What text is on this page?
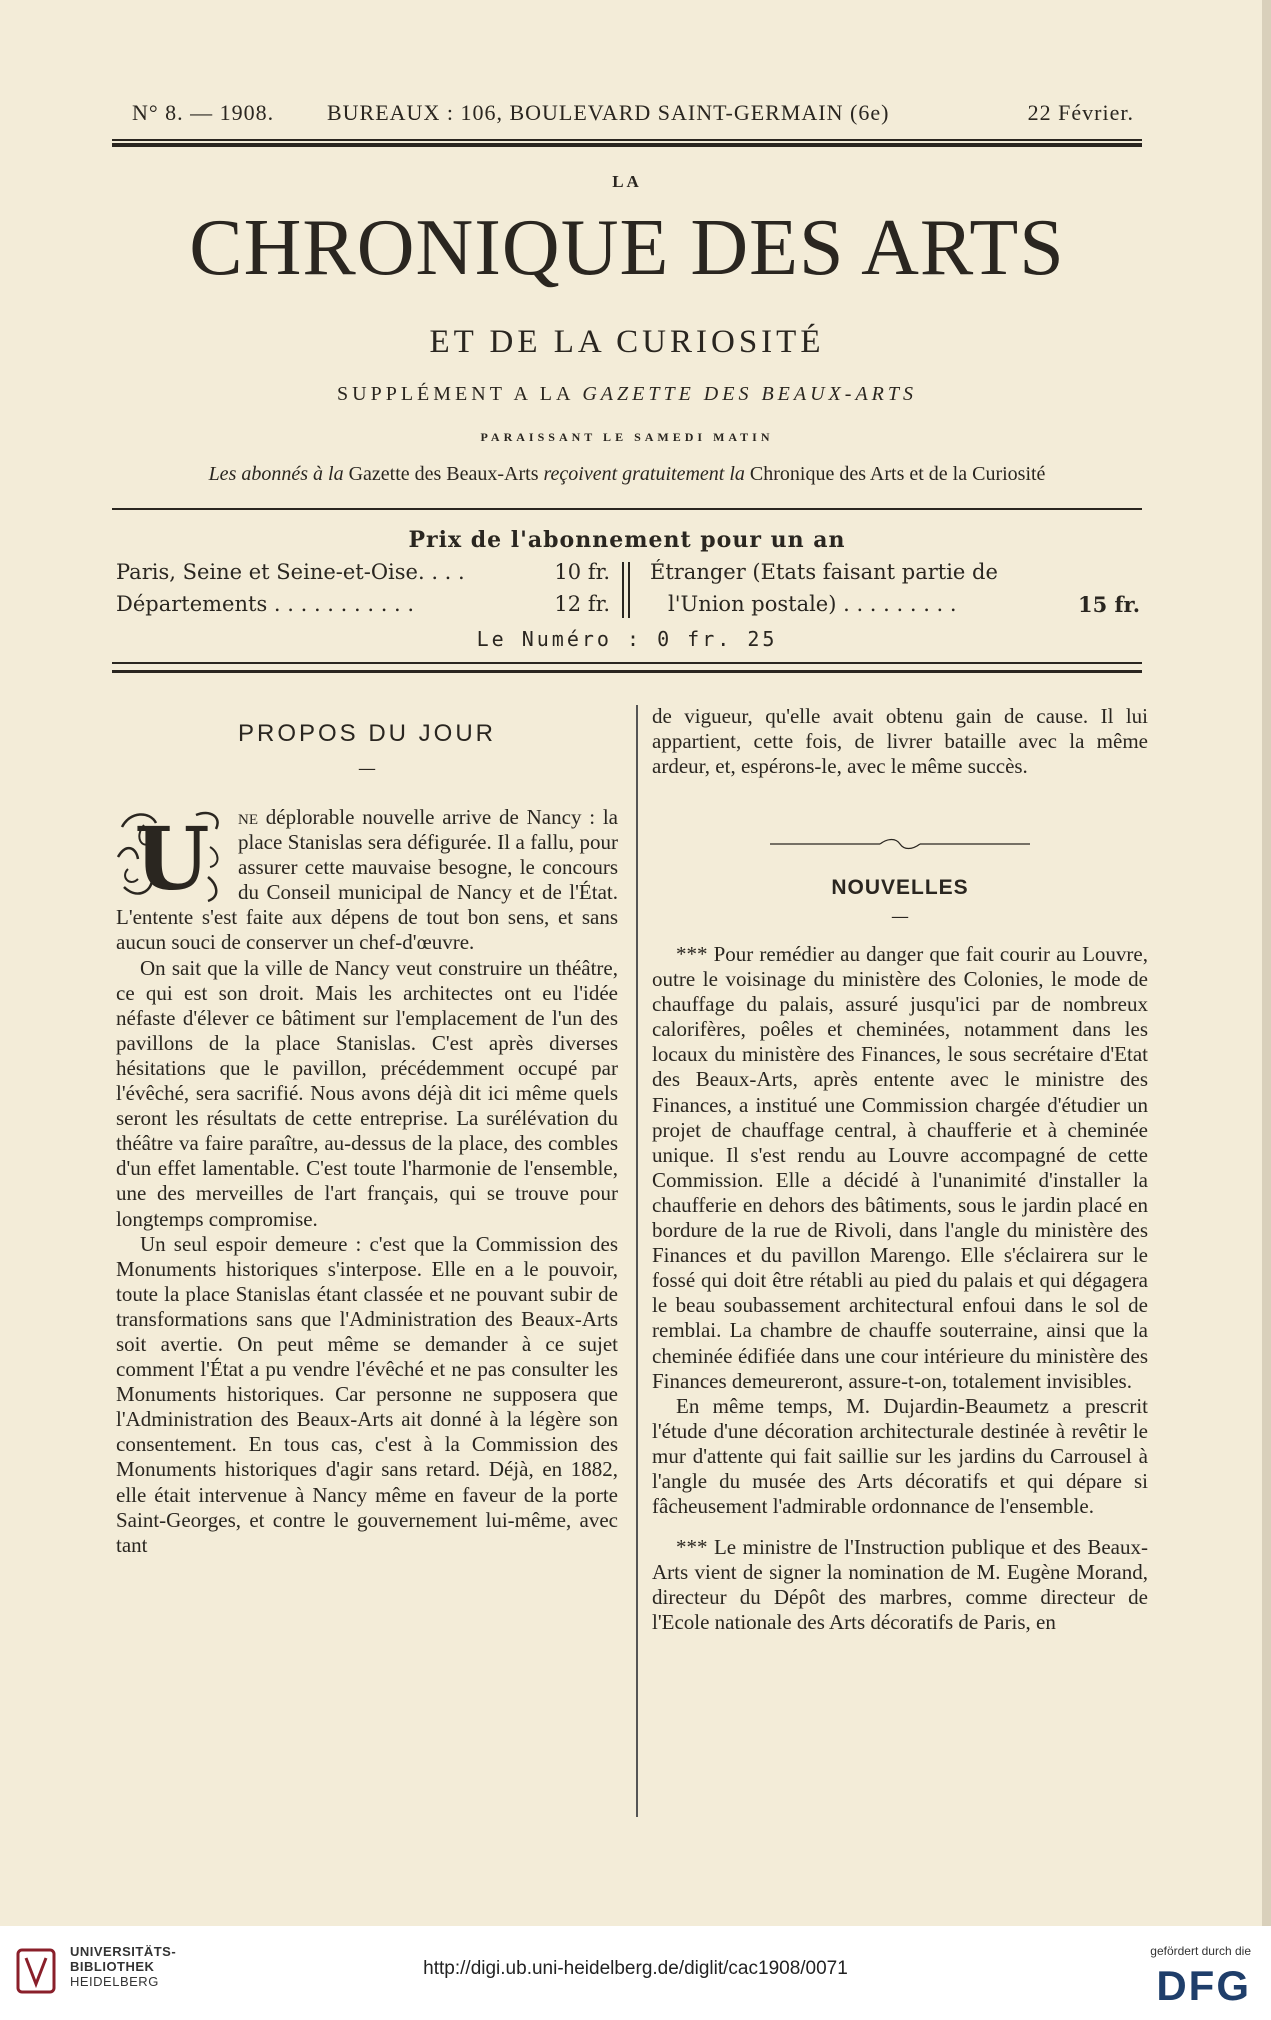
N° 8. — 1908. BUREAUX : 106, BOULEVARD SAINT-GERMAIN (6e)	22 Février.
LA
CHRONIQUE DES ARTS
ET DE LA CURIOSITÉ
SUPPLÉMENT A LA GAZETTE DES BEAUX-ARTS
PARAISSANT LE SAMEDI MATIN
Les abonnés à la Gazette des Beaux-Arts reçoivent gratuitement la Chronique des Arts et de la Curiosité
Prix de l'abonnement pour un an
Paris, Seine et Seine-et-Oise. . . .	10 fr.
Départements . . . . . . . . . . .	12 fr.
Étranger (Etats faisant partie de
l'Union postale) . . . . . . . . .	15 fr.
Le Numéro : 0 fr. 25
PROPOS DU JOUR
—

U ne déplorable nouvelle arrive de Nancy : la place Stanislas sera défigurée. Il a fallu, pour assurer cette mauvaise besogne, le concours du Conseil municipal de Nancy et de l'État. L'entente s'est faite aux dépens de tout bon sens, et sans aucun souci de conserver un chef-d'œuvre.

On sait que la ville de Nancy veut construire un théâtre, ce qui est son droit. Mais les architectes ont eu l'idée néfaste d'élever ce bâtiment sur l'emplacement de l'un des pavillons de la place Stanislas. C'est après diverses hésitations que le pavillon, précédemment occupé par l'évêché, sera sacrifié. Nous avons déjà dit ici même quels seront les résultats de cette entreprise. La surélévation du théâtre va faire paraître, au-dessus de la place, des combles d'un effet lamentable. C'est toute l'harmonie de l'ensemble, une des merveilles de l'art français, qui se trouve pour longtemps compromise.

Un seul espoir demeure : c'est que la Commission des Monuments historiques s'interpose. Elle en a le pouvoir, toute la place Stanislas étant classée et ne pouvant subir de transformations sans que l'Administration des Beaux-Arts soit avertie. On peut même se demander à ce sujet comment l'État a pu vendre l'évêché et ne pas consulter les Monuments historiques. Car personne ne supposera que l'Administration des Beaux-Arts ait donné à la légère son consentement. En tous cas, c'est à la Commission des Monuments historiques d'agir sans retard. Déjà, en 1882, elle était intervenue à Nancy même en faveur de la porte Saint-Georges, et contre le gouvernement lui-même, avec tant

de vigueur, qu'elle avait obtenu gain de cause. Il lui appartient, cette fois, de livrer bataille avec la même ardeur, et, espérons-le, avec le même succès.

NOUVELLES
—

*** Pour remédier au danger que fait courir au Louvre, outre le voisinage du ministère des Colonies, le mode de chauffage du palais, assuré jusqu'ici par de nombreux calorifères, poêles et cheminées, notamment dans les locaux du ministère des Finances, le sous secrétaire d'Etat des Beaux-Arts, après entente avec le ministre des Finances, a institué une Commission chargée d'étudier un projet de chauffage central, à chaufferie et à cheminée unique. Il s'est rendu au Louvre accompagné de cette Commission. Elle a décidé à l'unanimité d'installer la chaufferie en dehors des bâtiments, sous le jardin placé en bordure de la rue de Rivoli, dans l'angle du ministère des Finances et du pavillon Marengo. Elle s'éclairera sur le fossé qui doit être rétabli au pied du palais et qui dégagera le beau soubassement architectural enfoui dans le sol de remblai. La chambre de chauffe souterraine, ainsi que la cheminée édifiée dans une cour intérieure du ministère des Finances demeureront, assure-t-on, totalement invisibles.

En même temps, M. Dujardin-Beaumetz a prescrit l'étude d'une décoration architecturale destinée à revêtir le mur d'attente qui fait saillie sur les jardins du Carrousel à l'angle du musée des Arts décoratifs et qui dépare si fâcheusement l'admirable ordonnance de l'ensemble.

*** Le ministre de l'Instruction publique et des Beaux-Arts vient de signer la nomination de M. Eugène Morand, directeur du Dépôt des marbres, comme directeur de l'Ecole nationale des Arts décoratifs de Paris, en

UNIVERSITÄTS-
BIBLIOTHEK
HEIDELBERG
http://digi.ub.uni-heidelberg.de/diglit/cac1908/0071
gefördert durch die
DFG
